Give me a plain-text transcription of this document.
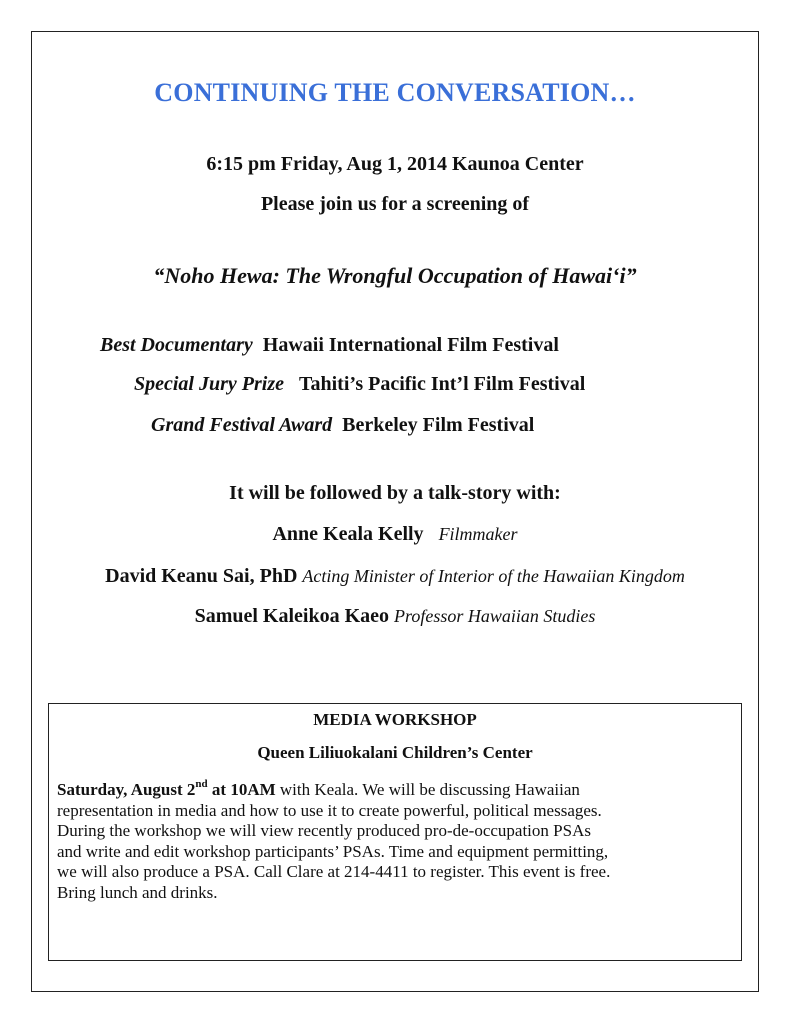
CONTINUING THE CONVERSATION…
6:15 pm Friday, Aug 1, 2014 Kaunoa Center
Please join us for a screening of
“Noho Hewa: The Wrongful Occupation of Hawai‘i”
Best Documentary Hawaii International Film Festival
Special Jury Prize Tahiti’s Pacific Int’l Film Festival
Grand Festival Award Berkeley Film Festival
It will be followed by a talk-story with:
Anne Keala Kelly Filmmaker
David Keanu Sai, PhD Acting Minister of Interior of the Hawaiian Kingdom
Samuel Kaleikoa Kaeo Professor Hawaiian Studies
MEDIA WORKSHOP
Queen Liliuokalani Children’s Center
Saturday, August 2nd at 10AM with Keala. We will be discussing Hawaiian
representation in media and how to use it to create powerful, political messages.
During the workshop we will view recently produced pro-de-occupation PSAs
and write and edit workshop participants’ PSAs. Time and equipment permitting,
we will also produce a PSA. Call Clare at 214-4411 to register. This event is free.
Bring lunch and drinks.
